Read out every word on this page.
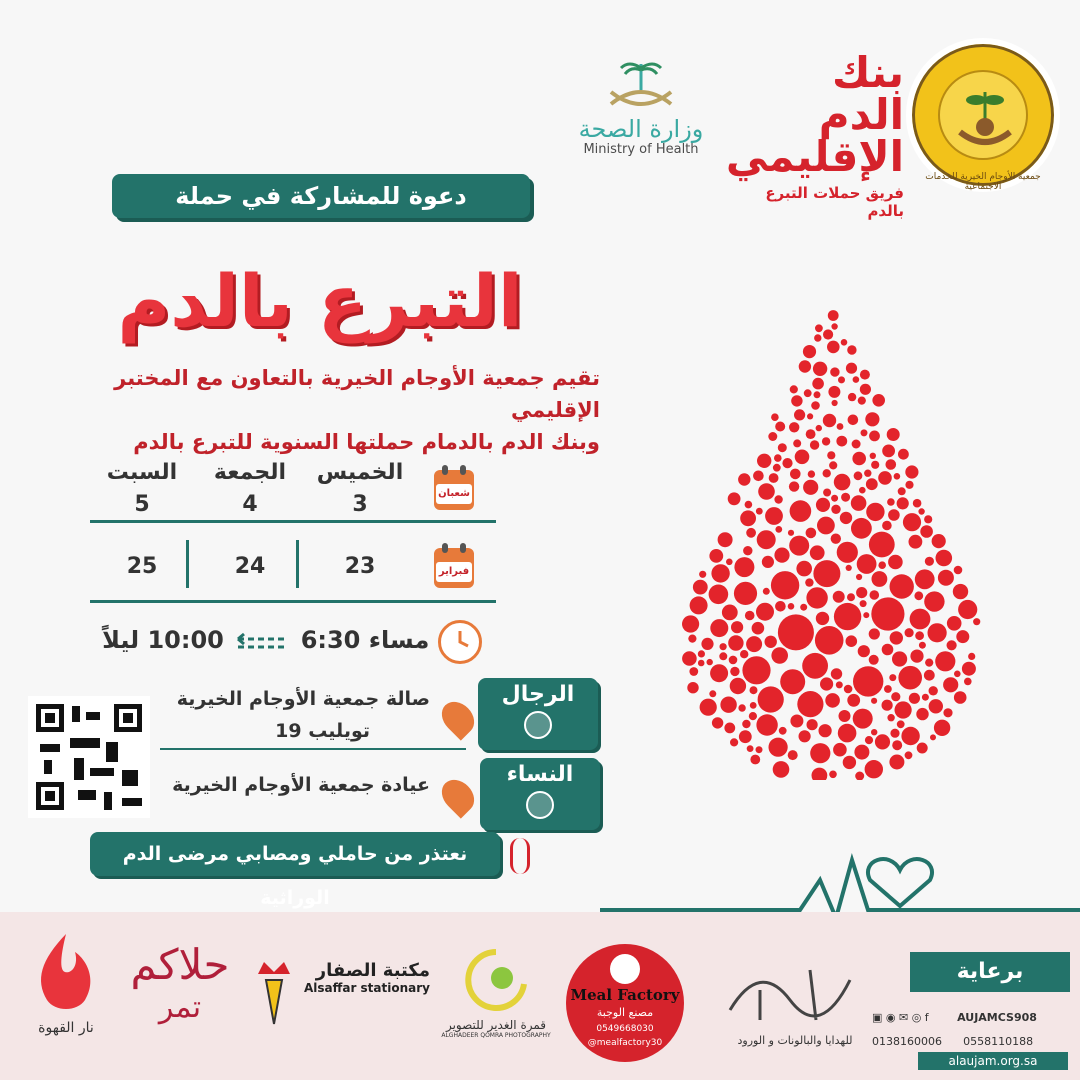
جمعية الأوجام الخيرية للخدمات الاجتماعية
بنك الدم الإقليمي
فريق حملات التبرع بالدم
وزارة الصحة
Ministry of Health
دعوة للمشاركة في حملة
التبرع بالدم
تقيم جمعية الأوجام الخيرية بالتعاون مع المختبر الإقليمي
وبنك الدم بالدمام حملتها السنوية للتبرع بالدم
شعبان
الخميس
الجمعة
السبت
3
4
5
فبراير
23
24
25
6:30 مساء
10:00 ليلاً
الرجال
صالة جمعية الأوجام الخيرية
تويليب 19
النساء
عيادة جمعية الأوجام الخيرية
نعتذر من حاملي ومصابي مرضى الدم الوراثية
برعاية
▣ ◉ ✉ ◎ f	AUJAMCS908
0138160006 0558110188
alaujam.org.sa
للهدايا والبالونات و الورود
Meal Factory
مصنع الوجبة
0549668030
@mealfactory30
قمرة الغدير للتصوير
ALGHADEER QOMRA PHOTOGRAPHY
مكتبة الصفار
Alsaffar stationary
حلاكم
تمر
نار القهوة
